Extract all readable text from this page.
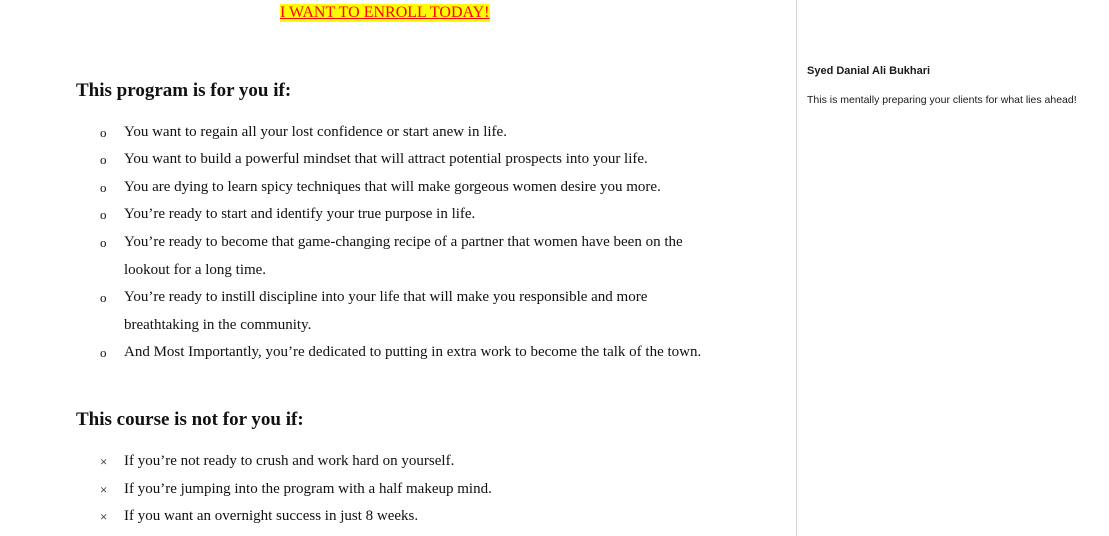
I WANT TO ENROLL TODAY!
This program is for you if:
o	You want to regain all your lost confidence or start anew in life.
o	You want to build a powerful mindset that will attract potential prospects into your life.
o	You are dying to learn spicy techniques that will make gorgeous women desire you more.
o	You’re ready to start and identify your true purpose in life.
o	You’re ready to become that game-changing recipe of a partner that women have been on the lookout for a long time.
o	You’re ready to instill discipline into your life that will make you responsible and more breathtaking in the community.
o	And Most Importantly, you’re dedicated to putting in extra work to become the talk of the town.
This course is not for you if:
×	If you’re not ready to crush and work hard on yourself.
×	If you’re jumping into the program with a half makeup mind.
×	If you want an overnight success in just 8 weeks.
Syed Danial Ali Bukhari
This is mentally preparing your clients for what lies ahead!
